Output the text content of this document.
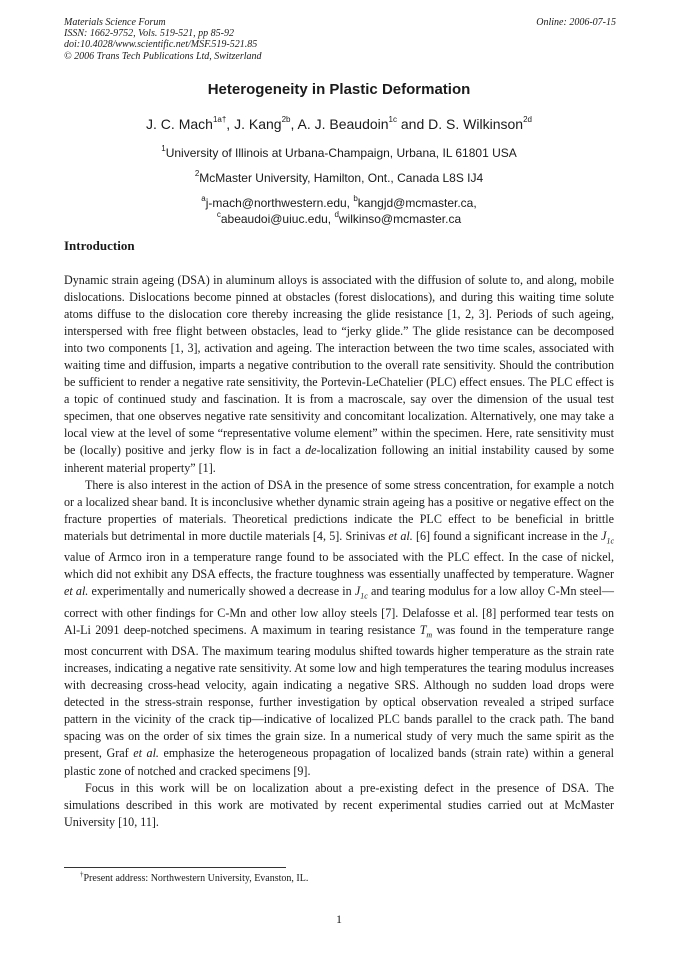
Materials Science Forum
ISSN: 1662-9752, Vols. 519-521, pp 85-92
doi:10.4028/www.scientific.net/MSF.519-521.85
© 2006 Trans Tech Publications Ltd, Switzerland
Online: 2006-07-15
Heterogeneity in Plastic Deformation
J. C. Mach$^{1a\dagger}$, J. Kang$^{2b}$, A. J. Beaudoin$^{1c}$ and D. S. Wilkinson$^{2d}$
$^1$University of Illinois at Urbana-Champaign, Urbana, IL 61801 USA
$^2$McMaster University, Hamilton, Ont., Canada L8S IJ4
$^a$j-mach@northwestern.edu, $^b$kangjd@mcmaster.ca,
$^c$abeaudoi@uiuc.edu, $^d$wilkinso@mcmaster.ca
Introduction

Dynamic strain ageing (DSA) in aluminum alloys is associated with the diffusion of solute to, and along, mobile dislocations. Dislocations become pinned at obstacles (forest dislocations), and during this waiting time solute atoms diffuse to the dislocation core thereby increasing the glide resistance [1, 2, 3]. Periods of such ageing, interspersed with free flight between obstacles, lead to “jerky glide.” The glide resistance can be decomposed into two components [1, 3], activation and ageing. The interaction between the two time scales, associated with waiting time and diffusion, imparts a negative contribution to the overall rate sensitivity. Should the contribution be sufficient to render a negative rate sensitivity, the Portevin-LeChatelier (PLC) effect ensues. The PLC effect is a topic of continued study and fascination. It is from a macroscale, say over the dimension of the usual test specimen, that one observes negative rate sensitivity and concomitant localization. Alternatively, one may take a local view at the level of some “representative volume element” within the specimen. Here, rate sensitivity must be (locally) positive and jerky flow is in fact a de-localization following an initial instability caused by some inherent material property” [1].

There is also interest in the action of DSA in the presence of some stress concentration, for example a notch or a localized shear band. It is inconclusive whether dynamic strain ageing has a positive or negative effect on the fracture properties of materials. Theoretical predictions indicate the PLC effect to be beneficial in brittle materials but detrimental in more ductile materials [4, 5]. Srinivas et al. [6] found a significant increase in the $J_{1c}$ value of Armco iron in a temperature range found to be associated with the PLC effect. In the case of nickel, which did not exhibit any DSA effects, the fracture toughness was essentially unaffected by temperature. Wagner et al. experimentally and numerically showed a decrease in $J_{1c}$ and tearing modulus for a low alloy C-Mn steel—correct with other findings for C-Mn and other low alloy steels [7]. Delafosse et al. [8] performed tear tests on Al-Li 2091 deep-notched specimens. A maximum in tearing resistance $T_m$ was found in the temperature range most concurrent with DSA. The maximum tearing modulus shifted towards higher temperature as the strain rate increases, indicating a negative rate sensitivity. At some low and high temperatures the tearing modulus increases with decreasing cross-head velocity, again indicating a negative SRS. Although no sudden load drops were detected in the stress-strain response, further investigation by optical observation revealed a striped surface pattern in the vicinity of the crack tip—indicative of localized PLC bands parallel to the crack path. The band spacing was on the order of six times the grain size. In a numerical study of very much the same spirit as the present, Graf et al. emphasize the heterogeneous propagation of localized bands (strain rate) within a general plastic zone of notched and cracked specimens [9].

Focus in this work will be on localization about a pre-existing defect in the presence of DSA. The simulations described in this work are motivated by recent experimental studies carried out at McMaster University [10, 11].

†Present address: Northwestern University, Evanston, IL.
1
